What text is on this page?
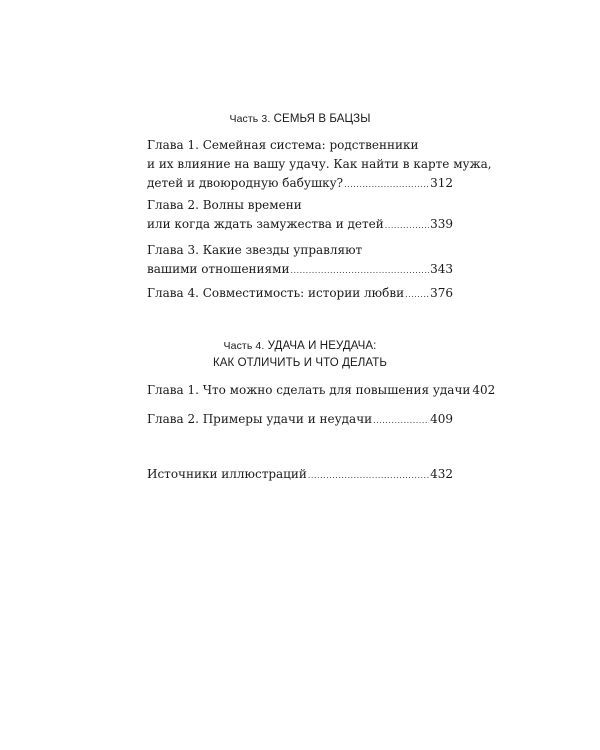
Часть 3. СЕМЬЯ В БАЦЗЫ
Глава 1. Семейная система: родственники
и их влияние на вашу удачу. Как найти в карте мужа,
детей и двоюродную бабушку? .....	312
Глава 2. Волны времени
или когда ждать замужества и детей .....	339
Глава 3. Какие звезды управляют
вашими отношениями .....	343
Глава 4. Совместимость: истории любви ..... 376
Часть 4. УДАЧА И НЕУДАЧА:
КАК ОТЛИЧИТЬ И ЧТО ДЕЛАТЬ
Глава 1. Что можно сделать для повышения удачи 402
Глава 2. Примеры удачи и неудачи .....	409
Источники иллюстраций .....	432
